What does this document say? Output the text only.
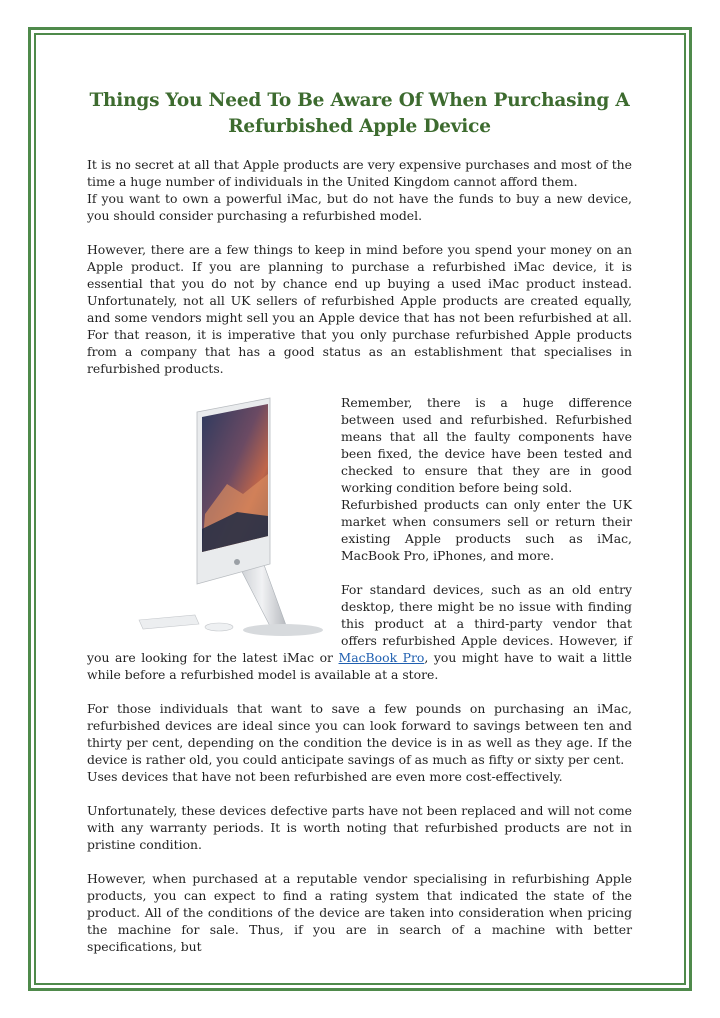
Things You Need To Be Aware Of When Purchasing A Refurbished Apple Device

It is no secret at all that Apple products are very expensive purchases and most of the time a huge number of individuals in the United Kingdom cannot afford them.

If you want to own a powerful iMac, but do not have the funds to buy a new device, you should consider purchasing a refurbished model.

However, there are a few things to keep in mind before you spend your money on an Apple product. If you are planning to purchase a refurbished iMac device, it is essential that you do not by chance end up buying a used iMac product instead. Unfortunately, not all UK sellers of refurbished Apple products are created equally, and some vendors might sell you an Apple device that has not been refurbished at all. For that reason, it is imperative that you only purchase refurbished Apple products from a company that has a good status as an establishment that specialises in refurbished products.

Remember, there is a huge difference between used and refurbished. Refurbished means that all the faulty components have been fixed, the device have been tested and checked to ensure that they are in good working condition before being sold.

Refurbished products can only enter the UK market when consumers sell or return their existing Apple products such as iMac, MacBook Pro, iPhones, and more.

For standard devices, such as an old entry desktop, there might be no issue with finding this product at a third-party vendor that offers refurbished Apple devices. However, if you are looking for the latest iMac or MacBook Pro, you might have to wait a little while before a refurbished model is available at a store.

For those individuals that want to save a few pounds on purchasing an iMac, refurbished devices are ideal since you can look forward to savings between ten and thirty per cent, depending on the condition the device is in as well as they age. If the device is rather old, you could anticipate savings of as much as fifty or sixty per cent.

Uses devices that have not been refurbished are even more cost-effectively.

Unfortunately, these devices defective parts have not been replaced and will not come with any warranty periods. It is worth noting that refurbished products are not in pristine condition.

However, when purchased at a reputable vendor specialising in refurbishing Apple products, you can expect to find a rating system that indicated the state of the product. All of the conditions of the device are taken into consideration when pricing the machine for sale. Thus, if you are in search of a machine with better specifications, but
